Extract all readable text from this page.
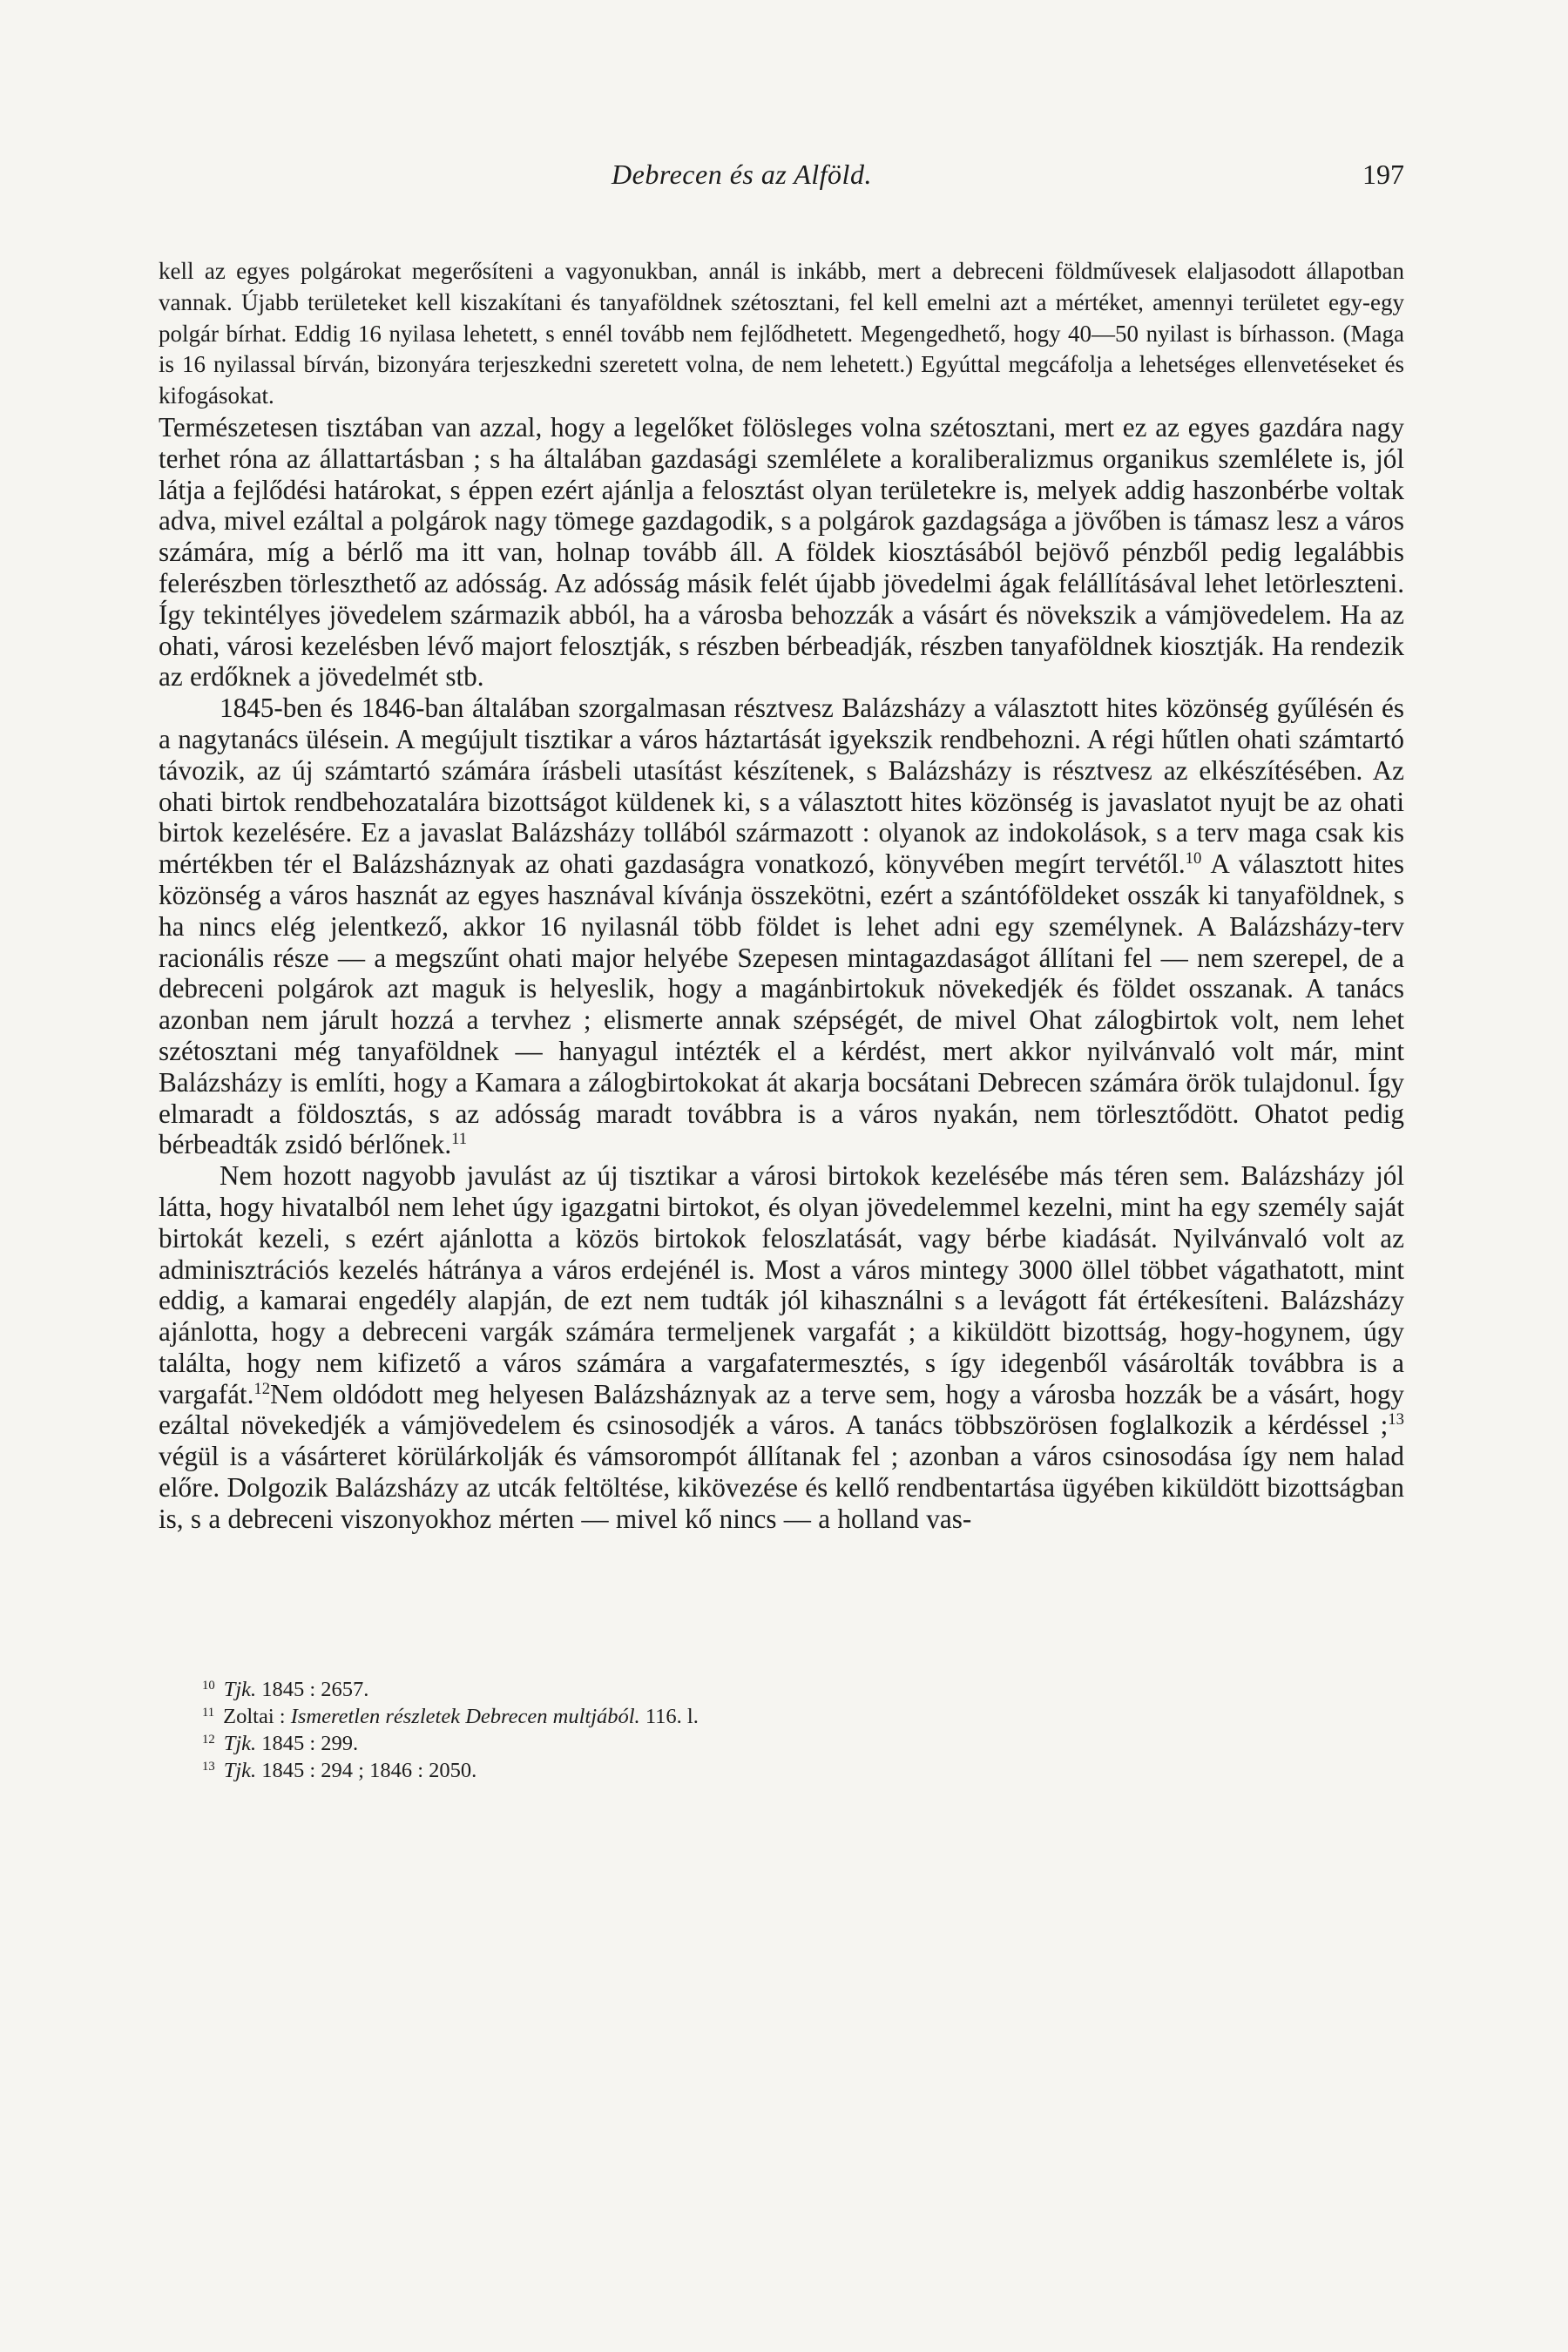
Debrecen és az Alföld.	197

kell az egyes polgárokat megerősíteni a vagyonukban, annál is inkább, mert a debreceni földművesek elaljasodott állapotban vannak. Újabb területeket kell kiszakítani és tanyaföldnek szétosztani, fel kell emelni azt a mértéket, amennyi területet egy-egy polgár bírhat. Eddig 16 nyilasa lehetett, s ennél tovább nem fejlődhetett. Megengedhető, hogy 40—50 nyilast is bírhasson. (Maga is 16 nyilassal bírván, bizonyára terjeszkedni szeretett volna, de nem lehetett.) Egyúttal megcáfolja a lehetséges ellenvetéseket és kifogásokat.

Természetesen tisztában van azzal, hogy a legelőket fölösleges volna szétosztani, mert ez az egyes gazdára nagy terhet róna az állattartásban ; s ha általában gazdasági szemlélete a koraliberalizmus organikus szemlélete is, jól látja a fejlődési határokat, s éppen ezért ajánlja a felosztást olyan területekre is, melyek addig haszonbérbe voltak adva, mivel ezáltal a polgárok nagy tömege gazdagodik, s a polgárok gazdagsága a jövőben is támasz lesz a város számára, míg a bérlő ma itt van, holnap tovább áll. A földek kiosztásából bejövő pénzből pedig legalábbis felerészben törleszthető az adósság. Az adósság másik felét újabb jövedelmi ágak felállításával lehet letörleszteni. Így tekintélyes jövedelem származik abból, ha a városba behozzák a vásárt és növekszik a vámjövedelem. Ha az ohati, városi kezelésben lévő majort felosztják, s részben bérbeadják, részben tanyaföldnek kiosztják. Ha rendezik az erdőknek a jövedelmét stb.

1845-ben és 1846-ban általában szorgalmasan résztvesz Balázsházy a választott hites közönség gyűlésén és a nagytanács ülésein. A megújult tisztikar a város háztartását igyekszik rendbehozni. A régi hűtlen ohati számtartó távozik, az új számtartó számára írásbeli utasítást készítenek, s Balázsházy is résztvesz az elkészítésében. Az ohati birtok rendbehozatalára bizottságot küldenek ki, s a választott hites közönség is javaslatot nyujt be az ohati birtok kezelésére. Ez a javaslat Balázsházy tollából származott : olyanok az indokolások, s a terv maga csak kis mértékben tér el Balázsháznyak az ohati gazdaságra vonatkozó, könyvében megírt tervétől.$^{10}$ A választott hites közönség a város hasznát az egyes hasznával kívánja összekötni, ezért a szántóföldeket osszák ki tanyaföldnek, s ha nincs elég jelentkező, akkor 16 nyilasnál több földet is lehet adni egy személynek. A Balázsházy-terv racionális része — a megszűnt ohati major helyébe Szepesen mintagazdaságot állítani fel — nem szerepel, de a debreceni polgárok azt maguk is helyeslik, hogy a magánbirtokuk növekedjék és földet osszanak. A tanács azonban nem járult hozzá a tervhez ; elismerte annak szépségét, de mivel Ohat zálogbirtok volt, nem lehet szétosztani még tanyaföldnek — hanyagul intézték el a kérdést, mert akkor nyilvánvaló volt már, mint Balázsházy is említi, hogy a Kamara a zálogbirtokokat át akarja bocsátani Debrecen számára örök tulajdonul. Így elmaradt a földosztás, s az adósság maradt továbbra is a város nyakán, nem törlesztődött. Ohatot pedig bérbeadták zsidó bérlőnek.$^{11}$

Nem hozott nagyobb javulást az új tisztikar a városi birtokok kezelésébe más téren sem. Balázsházy jól látta, hogy hivatalból nem lehet úgy igazgatni birtokot, és olyan jövedelemmel kezelni, mint ha egy személy saját birtokát kezeli, s ezért ajánlotta a közös birtokok feloszlatását, vagy bérbe kiadását. Nyilvánvaló volt az adminisztrációs kezelés hátránya a város erdejénél is. Most a város mintegy 3000 öllel többet vágathatott, mint eddig, a kamarai engedély alapján, de ezt nem tudták jól kihasználni s a levágott fát értékesíteni. Balázsházy ajánlotta, hogy a debreceni vargák számára termeljenek vargafát ; a kiküldött bizottság, hogy-hogynem, úgy találta, hogy nem kifizető a város számára a vargafatermesztés, s így idegenből vásárolták továbbra is a vargafát.$^{12}$Nem oldódott meg helyesen Balázsháznyak az a terve sem, hogy a városba hozzák be a vásárt, hogy ezáltal növekedjék a vámjövedelem és csinosodjék a város. A tanács többszörösen foglalkozik a kérdéssel ;$^{13}$ végül is a vásárteret körülárkolják és vámsorompót állítanak fel ; azonban a város csinosodása így nem halad előre. Dolgozik Balázsházy az utcák feltöltése, kikövezése és kellő rendbentartása ügyében kiküldött bizottságban is, s a debreceni viszonyokhoz mérten — mivel kő nincs — a holland vas-

$^{10}$ Tjk. 1845 : 2657.

$^{11}$ Zoltai : Ismeretlen részletek Debrecen multjából. 116. l.

$^{12}$ Tjk. 1845 : 299.

$^{13}$ Tjk. 1845 : 294 ; 1846 : 2050.
